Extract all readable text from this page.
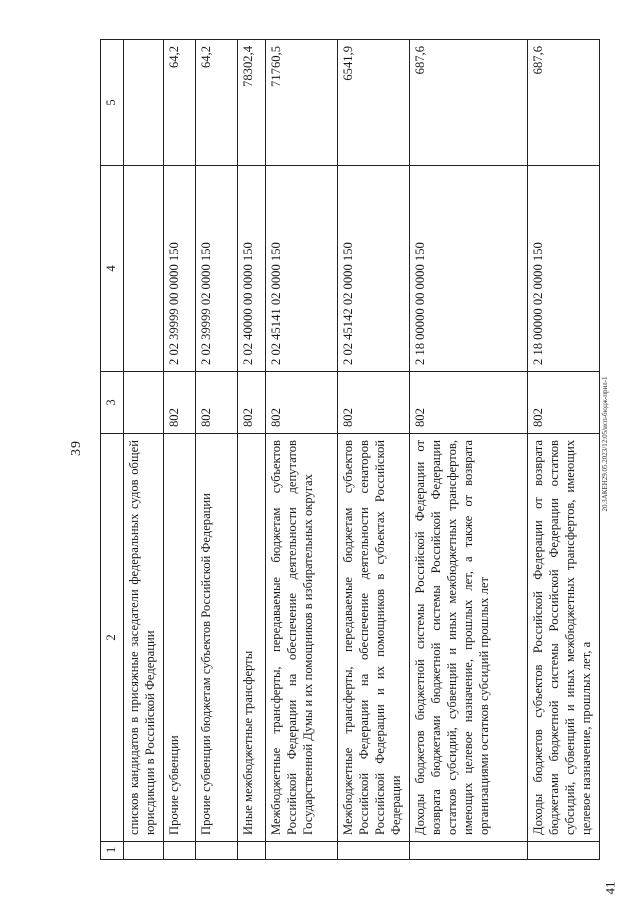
39	20.ЗАКЕН29.05.2023/12:05/иcп-бюдж-прил-1
41
1	2	3	4	5
	списков кандидатов в присяжные заседатели федеральных судов общей юрисдикции в Российской Федерации			
	Прочие субвенции	802	2 02 39999 00 0000 150	64,2
	Прочие субвенции бюджетам субъектов Российской Федерации	802	2 02 39999 02 0000 150	64,2
	Иные межбюджетные трансферты	802	2 02 40000 00 0000 150	78302,4
	Межбюджетные трансферты, передаваемые бюджетам субъектов Российской Федерации на обеспечение деятельности депутатов Государственной Думы и их помощников в избирательных округах	802	2 02 45141 02 0000 150	71760,5
	Межбюджетные трансферты, передаваемые бюджетам субъектов Российской Федерации на обеспечение деятельности сенаторов Российской Федерации и их помощников в субъектах Российской Федерации	802	2 02 45142 02 0000 150	6541,9
	Доходы бюджетов бюджетной системы Российской Федерации от возврата бюджетами бюджетной системы Российской Федерации остатков субсидий, субвенций и иных межбюджетных трансфертов, имеющих целевое назначение, прошлых лет, а также от возврата организациями остатков субсидий прошлых лет	802	2 18 00000 00 0000 150	687,6
	Доходы бюджетов субъектов Российской Федерации от возврата бюджетами бюджетной системы Российской Федерации остатков субсидий, субвенций и иных межбюджетных трансфертов, имеющих целевое назначение, прошлых лет, а	802	2 18 00000 02 0000 150	687,6
